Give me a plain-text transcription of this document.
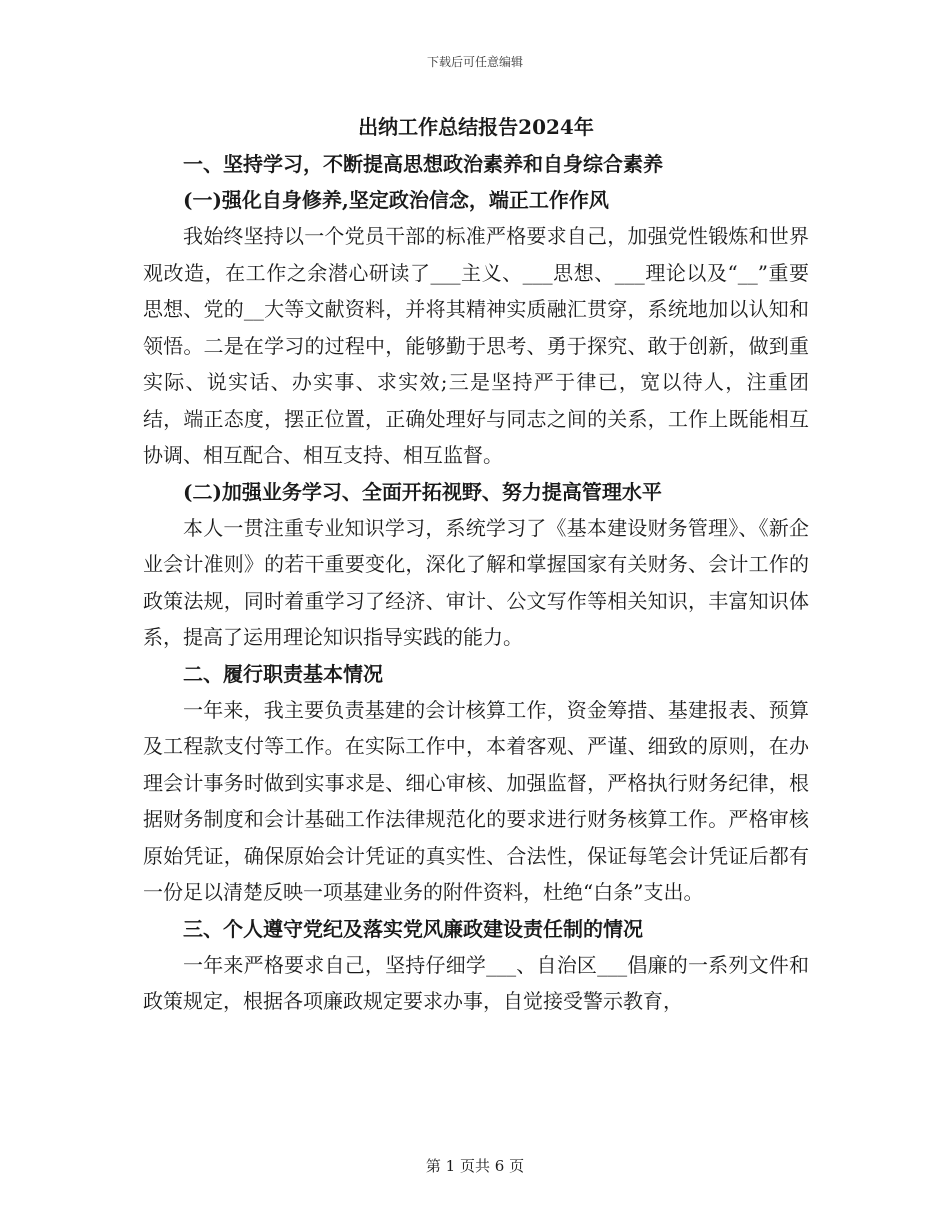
下载后可任意编辑

出纳工作总结报告2024年

一、坚持学习，不断提高思想政治素养和自身综合素养

(一)强化自身修养,坚定政治信念，端正工作作风

我始终坚持以一个党员干部的标准严格要求自己，加强党性锻炼和世界观改造，在工作之余潜心研读了___主义、___思想、___理论以及“__”重要思想、党的__大等文献资料，并将其精神实质融汇贯穿，系统地加以认知和领悟。二是在学习的过程中，能够勤于思考、勇于探究、敢于创新，做到重实际、说实话、办实事、求实效;三是坚持严于律已，宽以待人，注重团结，端正态度，摆正位置，正确处理好与同志之间的关系，工作上既能相互协调、相互配合、相互支持、相互监督。

(二)加强业务学习、全面开拓视野、努力提高管理水平

本人一贯注重专业知识学习，系统学习了《基本建设财务管理》、《新企业会计准则》的若干重要变化，深化了解和掌握国家有关财务、会计工作的政策法规，同时着重学习了经济、审计、公文写作等相关知识，丰富知识体系，提高了运用理论知识指导实践的能力。

二、履行职责基本情况

一年来，我主要负责基建的会计核算工作，资金筹措、基建报表、预算及工程款支付等工作。在实际工作中，本着客观、严谨、细致的原则，在办理会计事务时做到实事求是、细心审核、加强监督，严格执行财务纪律，根据财务制度和会计基础工作法律规范化的要求进行财务核算工作。严格审核原始凭证，确保原始会计凭证的真实性、合法性，保证每笔会计凭证后都有一份足以清楚反映一项基建业务的附件资料，杜绝“白条”支出。

三、个人遵守党纪及落实党风廉政建设责任制的情况

一年来严格要求自己，坚持仔细学___、自治区___倡廉的一系列文件和政策规定，根据各项廉政规定要求办事，自觉接受警示教育，

第 1 页共 6 页
